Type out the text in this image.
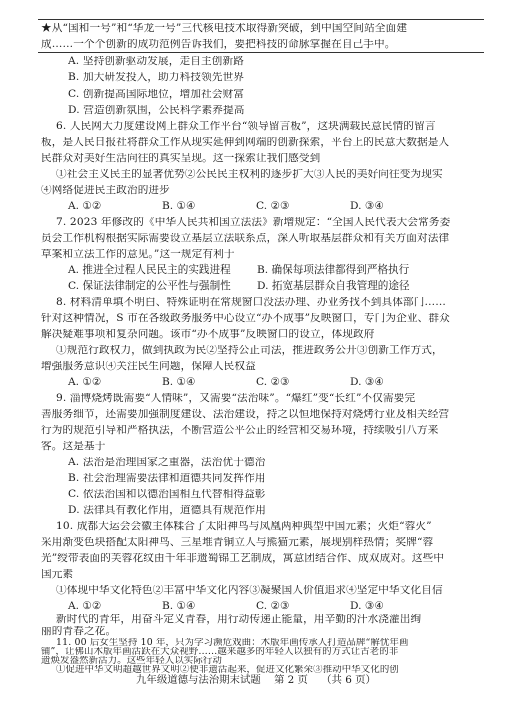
★从“国和一号”和“华龙一号”三代核电技术取得新突破，到中国空间站全面建
成……一个个创新的成功范例告诉我们，要把科技的命脉掌握在自己手中。
A. 坚持创新驱动发展，走自主创新路
B. 加大研发投入，助力科技领先世界
C. 创新提高国际地位，增加社会财富
D. 营造创新氛围，公民科学素养提高
6. 人民网大力度建设网上群众工作平台“领导留言板”，这块满载民意民情的留言
板，是人民日报社将群众工作从现实延伸到网端的创新探索，平台上的民意大数据是人
民群众对美好生活向往的真实呈现。这一探索让我们感受到
①社会主义民主的显著优势②公民民主权利的逐步扩大③人民的美好向往变为现实
④网络促进民主政治的进步
A. ①②	B. ①④	C. ②③	D. ③④
7. 2023 年修改的《中华人民共和国立法法》新增规定：“全国人民代表大会常务委
员会工作机构根据实际需要设立基层立法联系点，深入听取基层群众和有关方面对法律
草案和立法工作的意见。”这一规定有利于
A. 推进全过程人民民主的实践进程 B. 确保每项法律都得到严格执行
C. 保证法律制定的公平性与强制性 D. 拓宽基层群众自我管理的途径
8. 材料清单填不明白、特殊证明在常规窗口没法办理、办业务找不到具体部门……
针对这种情况，S 市在各级政务服务中心设立“办不成事”反映窗口，专门为企业、群众
解决疑难事项和复杂问题。该市“办不成事”反映窗口的设立，体现政府
①规范行政权力，做到执政为民②坚持公正司法，推进政务公开③创新工作方式，
增强服务意识④关注民生问题，保障人民权益
A. ①②	B. ①④	C. ②③	D. ③④
9. 淄博烧烤既需要“人情味”，又需要“法治味”。“爆红”变“长红”不仅需要完
善服务细节，还需要加强制度建设、法治建设，持之以恒地保持对烧烤行业及相关经营
行为的规范引导和严格执法，不断营造公平公正的经营和交易环境，持续吸引八方来
客。这是基于
A. 法治是治理国家之重器，法治优于德治
B. 社会治理需要法律和道德共同发挥作用
C. 依法治国和以德治国相互代替相得益彰
D. 法律具有教化作用，道德具有规范作用
10. 成都大运会会徽主体糅合了太阳神鸟与凤凰两种典型中国元素；火炬“蓉火”
采用渐变色块搭配太阳神鸟、三星堆青铜立人与熊猫元素，展现别样热情；奖牌“蓉
光”绶带表面的芙蓉花纹由千年非遗蜀锦工艺制成，寓意团结合作、成双成对。这些中
国元素
①体现中华文化特色②丰富中华文化内容③凝聚国人价值追求④坚定中华文化自信
A. ①②	B. ①④	C. ②③	D. ③④
新时代的青年，用奋斗定义青春，用行动传递正能量，用辛勤的汗水浇灌出绚
丽的青春之花。
11. 00 后女生坚持 10 年，只为学习濒危戏曲：木版年画传承人打造品牌“解忧年画
铺”，让佛山木版年画活跃在大众视野……越来越多的年轻人以独有的方式让古老的非
九年级道德与法治期末试题    第 2 页    （共 6 页）
遗焕发盎然新活力。这些年轻人以实际行动
①促进中华文明超越世界文明②使非遗活起来，促进文化繁荣③推动中华文化的创
